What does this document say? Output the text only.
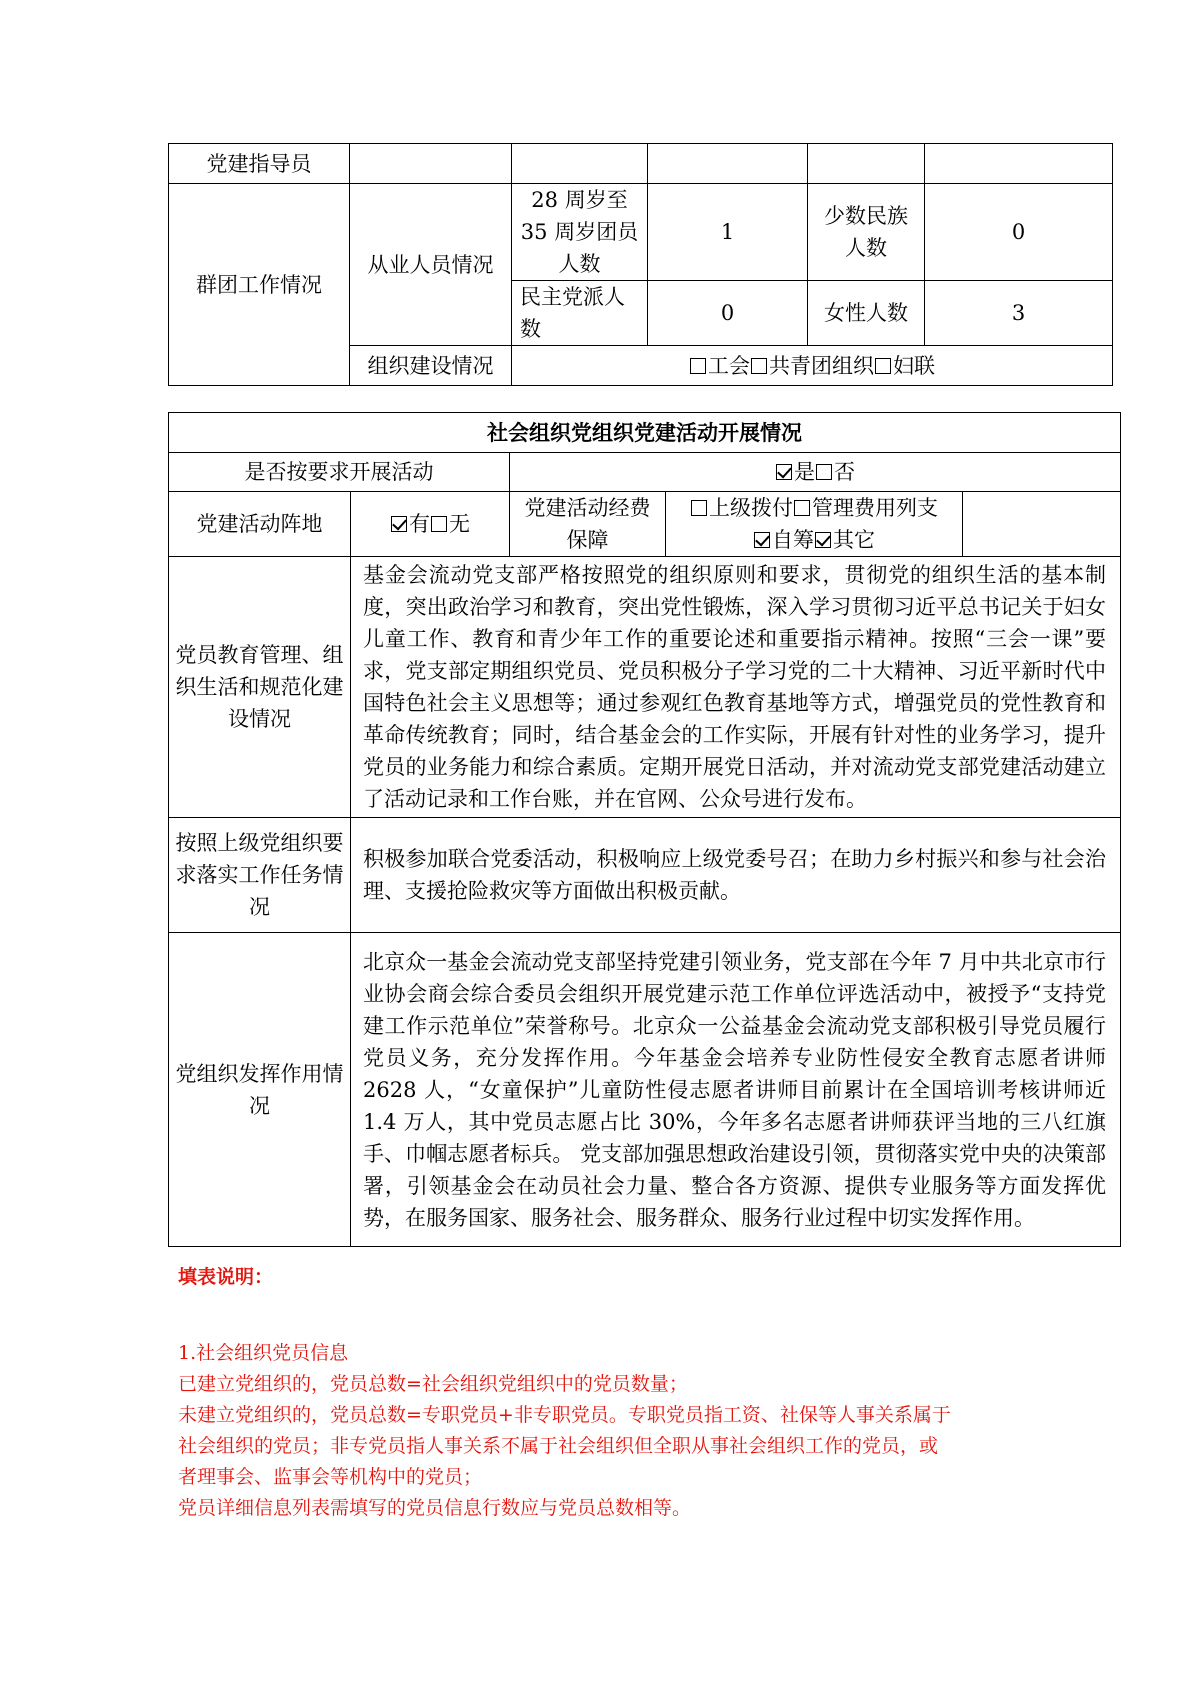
党建指导员					
群团工作情况	从业人员情况	28 周岁至 35 周岁团员人数	1	少数民族人数	0
		民主党派人数	0	女性人数	3
	组织建设情况	工会 共青团组织 妇联			
社会组织党组织党建活动开展情况				
是否按要求开展活动		是 否		
党建活动阵地	有 无	党建活动经费保障	上级拨付 管理费用列支
自筹 其它	

党员教育管理、组织生活和规范化建设情况	基金会流动党支部严格按照党的组织原则和要求，贯彻党的组织生活的基本制度，突出政治学习和教育，突出党性锻炼，深入学习贯彻习近平总书记关于妇女儿童工作、教育和青少年工作的重要论述和重要指示精神。按照“三会一课”要求，党支部定期组织党员、党员积极分子学习党的二十大精神、习近平新时代中国特色社会主义思想等；通过参观红色教育基地等方式，增强党员的党性教育和革命传统教育；同时，结合基金会的工作实际，开展有针对性的业务学习，提升党员的业务能力和综合素质。定期开展党日活动，并对流动党支部党建活动建立了活动记录和工作台账，并在官网、公众号进行发布。			
按照上级党组织要求落实工作任务情况	积极参加联合党委活动，积极响应上级党委号召；在助力乡村振兴和参与社会治理、支援抢险救灾等方面做出积极贡献。			
党组织发挥作用情况	北京众一基金会流动党支部坚持党建引领业务，党支部在今年 7 月中共北京市行业协会商会综合委员会组织开展党建示范工作单位评选活动中，被授予“支持党建工作示范单位”荣誉称号。北京众一公益基金会流动党支部积极引导党员履行党员义务，充分发挥作用。今年基金会培养专业防性侵安全教育志愿者讲师 2628 人，“女童保护”儿童防性侵志愿者讲师目前累计在全国培训考核讲师近 1.4 万人，其中党员志愿占比 30%，今年多名志愿者讲师获评当地的三八红旗手、巾帼志愿者标兵。 党支部加强思想政治建设引领，贯彻落实党中央的决策部署，引领基金会在动员社会力量、整合各方资源、提供专业服务等方面发挥优势，在服务国家、服务社会、服务群众、服务行业过程中切实发挥作用。			
填表说明：
1.社会组织党员信息
已建立党组织的，党员总数=社会组织党组织中的党员数量；
未建立党组织的，党员总数=专职党员+非专职党员。专职党员指工资、社保等人事关系属于
社会组织的党员；非专党员指人事关系不属于社会组织但全职从事社会组织工作的党员，或
者理事会、监事会等机构中的党员；
党员详细信息列表需填写的党员信息行数应与党员总数相等。
